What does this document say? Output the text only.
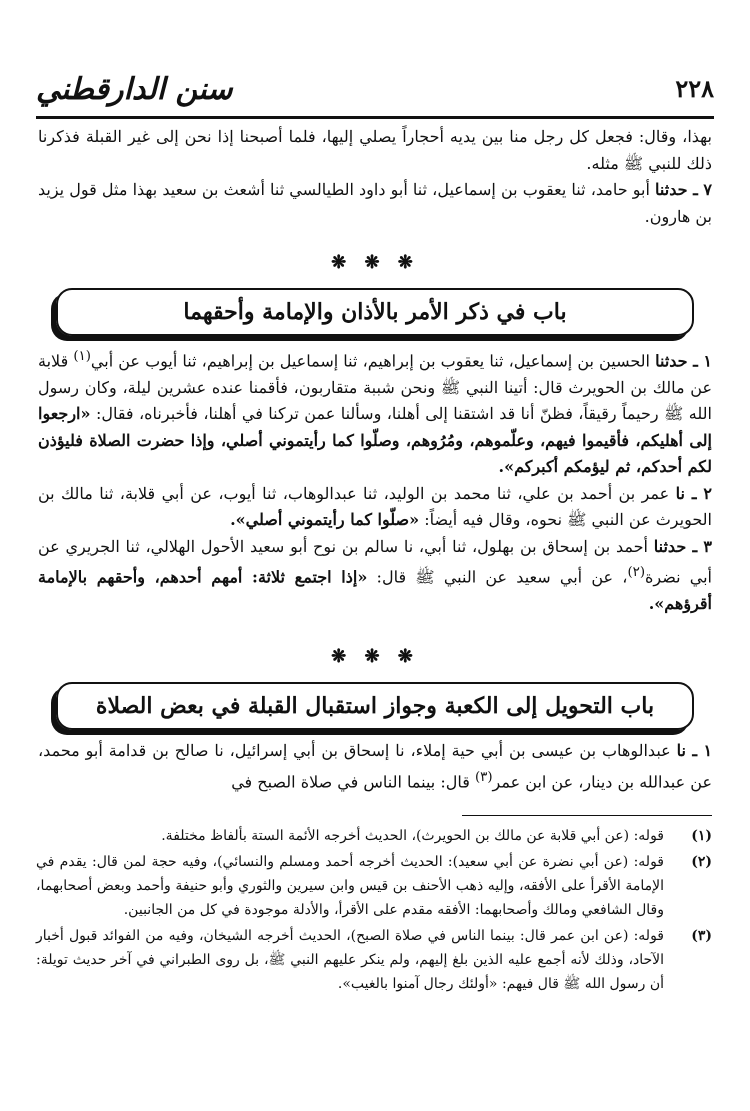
سنن الدارقطني	٢٢٨

بهذا، وقال: فجعل كل رجل منا بين يديه أحجاراً يصلي إليها، فلما أصبحنا إذا نحن إلى غير القبلة فذكرنا ذلك للنبي ﷺ مثله.

٧ ـ حدثنا أبو حامد، ثنا يعقوب بن إسماعيل، ثنا أبو داود الطيالسي ثنا أشعث بن سعيد بهذا مثل قول يزيد بن هارون.

❋ ❋ ❋
باب في ذكر الأمر بالأذان والإمامة وأحقهما

١ ـ حدثنا الحسين بن إسماعيل، ثنا يعقوب بن إبراهيم، ثنا إسماعيل بن إبراهيم، ثنا أيوب عن أبي$^{(١)}$ قلابة عن مالك بن الحويرث قال: أتينا النبي ﷺ ونحن شببة متقاربون، فأقمنا عنده عشرين ليلة، وكان رسول الله ﷺ رحيماً رقيقاً، فظنّ أنا قد اشتقنا إلى أهلنا، وسألنا عمن تركنا في أهلنا، فأخبرناه، فقال: «ارجعوا إلى أهليكم، فأقيموا فيهم، وعلّموهم، ومُرُوهم، وصلّوا كما رأيتموني أصلي، وإذا حضرت الصلاة فليؤذن لكم أحدكم، ثم ليؤمكم أكبركم».

٢ ـ نا عمر بن أحمد بن علي، ثنا محمد بن الوليد، ثنا عبدالوهاب، ثنا أيوب، عن أبي قلابة، ثنا مالك بن الحويرث عن النبي ﷺ نحوه، وقال فيه أيضاً: «صلّوا كما رأيتموني أصلي».

٣ ـ حدثنا أحمد بن إسحاق بن بهلول، ثنا أبي، نا سالم بن نوح أبو سعيد الأحول الهلالي، ثنا الجريري عن أبي نضرة$^{(٢)}$، عن أبي سعيد عن النبي ﷺ قال: «إذا اجتمع ثلاثة: أمهم أحدهم، وأحقهم بالإمامة أقرؤهم».

❋ ❋ ❋
باب التحويل إلى الكعبة وجواز استقبال القبلة في بعض الصلاة

١ ـ نا عبدالوهاب بن عيسى بن أبي حية إملاء، نا إسحاق بن أبي إسرائيل، نا صالح بن قدامة أبو محمد، عن عبدالله بن دينار، عن ابن عمر$^{(٣)}$ قال: بينما الناس في صلاة الصبح في

(١)
قوله: (عن أبي قلابة عن مالك بن الحويرث)، الحديث أخرجه الأئمة الستة بألفاظ مختلفة.
(٢)
قوله: (عن أبي نضرة عن أبي سعيد): الحديث أخرجه أحمد ومسلم والنسائي)، وفيه حجة لمن قال: يقدم في الإمامة الأقرأ على الأفقه، وإليه ذهب الأحنف بن قيس وابن سيرين والثوري وأبو حنيفة وأحمد وبعض أصحابهما، وقال الشافعي ومالك وأصحابهما: الأفقه مقدم على الأقرأ، والأدلة موجودة في كل من الجانبين.
(٣)
قوله: (عن ابن عمر قال: بينما الناس في صلاة الصبح)، الحديث أخرجه الشيخان، وفيه من الفوائد قبول أخبار الآحاد، وذلك لأنه أجمع عليه الذين بلغ إليهم، ولم ينكر عليهم النبي ﷺ، بل روى الطبراني في آخر حديث تويلة: أن رسول الله ﷺ قال فيهم: «أولئك رجال آمنوا بالغيب».
